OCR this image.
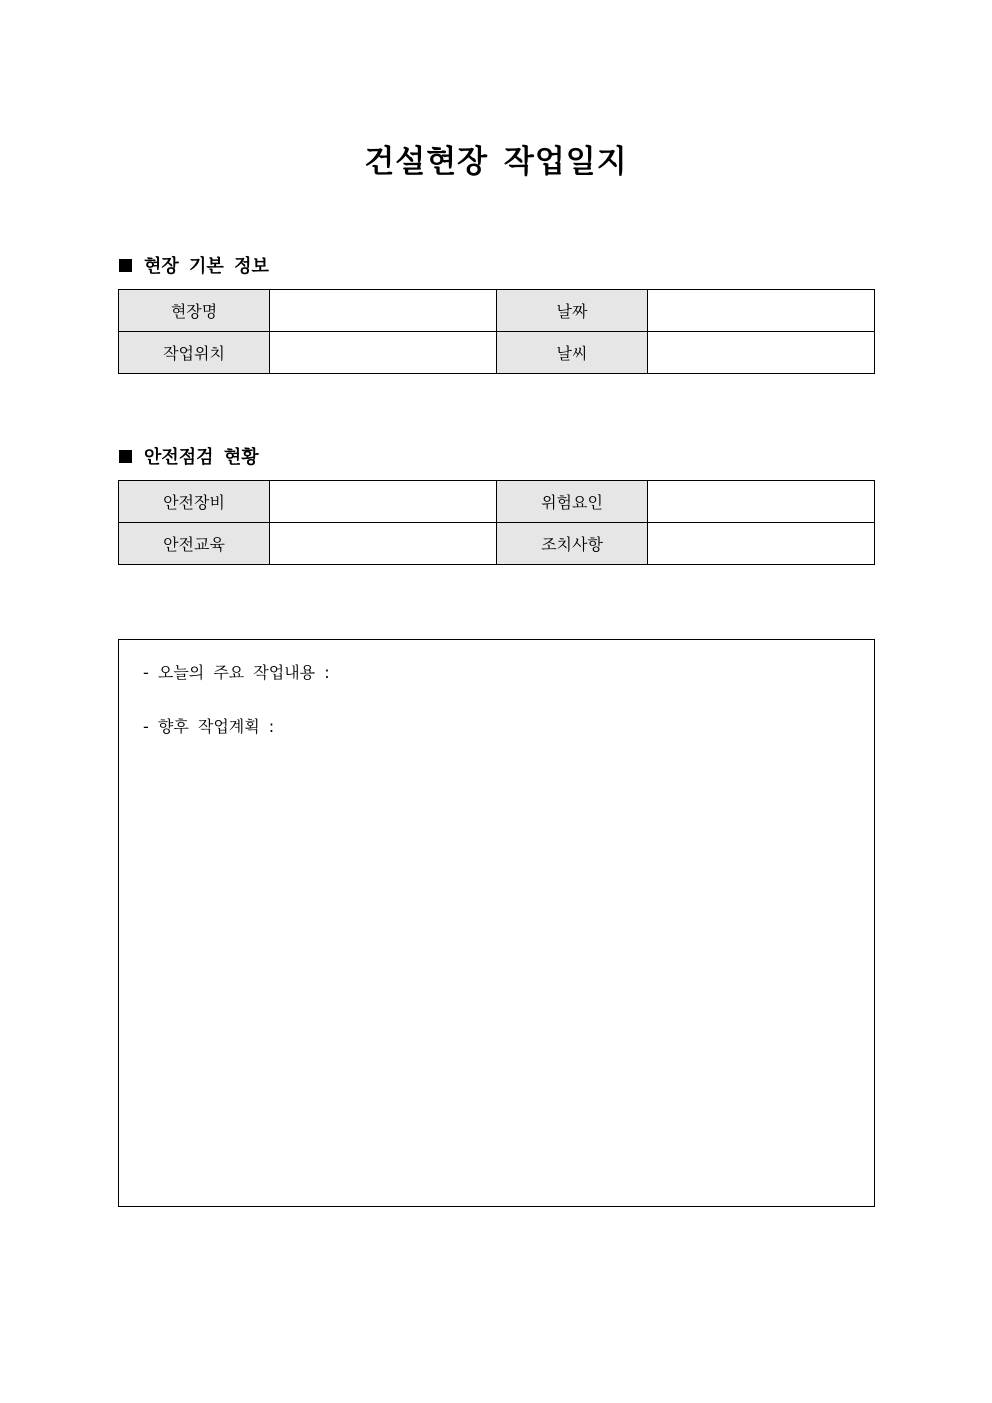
건설현장 작업일지
현장 기본 정보
현장명		날짜	
작업위치		날씨	
안전점검 현황
안전장비		위험요인	
안전교육		조치사항	
- 오늘의 주요 작업내용 :
- 향후 작업계획 :
